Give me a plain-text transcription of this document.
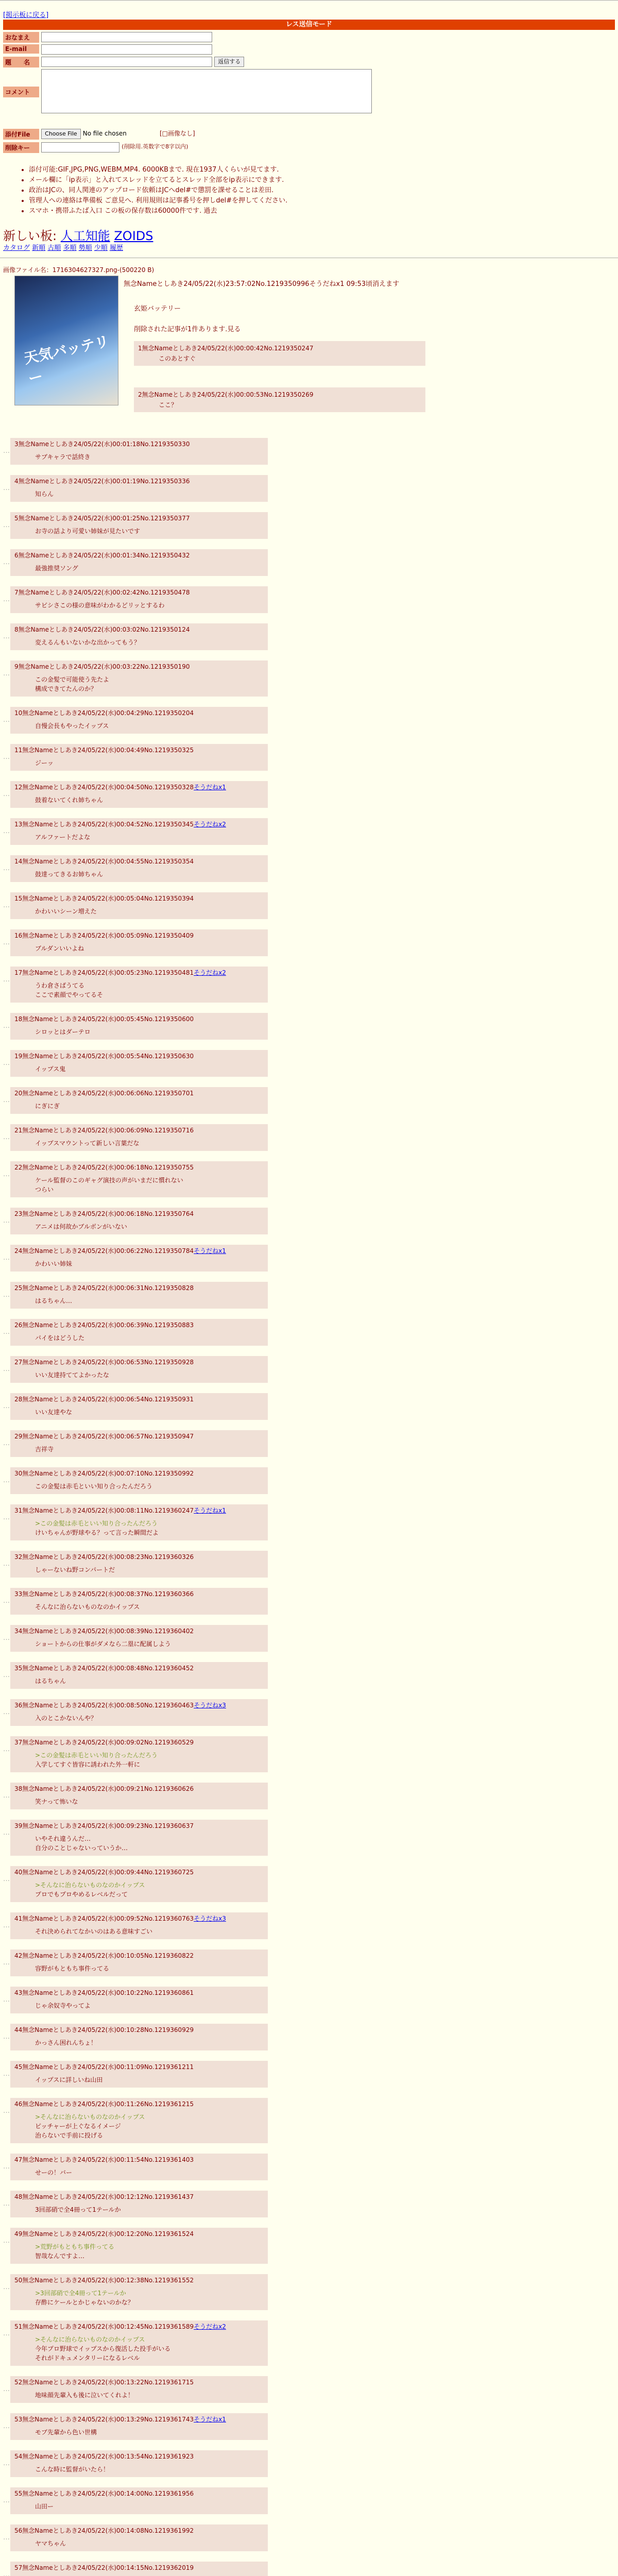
[掲示板に戻る]
レス送信モード
おなまえ
E-mail
題　　名	返信する
コメント
添付File	Choose File No file chosen	[□画像なし]
削除キー	(削除用.英数字で8字以内)
• 添付可能:GIF,JPG,PNG,WEBM,MP4. 6000KBまで. 現在1937人くらいが見てます.
• メール欄に「ip表示」と入れてスレッドを立てるとスレッド全部をip表示にできます.
• 政治はJCの、同人関連のアップロード依頼はJCへdel#で懲罰を課せることは差田.
• 管理人への連絡は準備板 ご意見へ. 利用規則は記事番号を押しdel#を押してください.
• スマホ・携帯ふたば入口 この板の保存数は60000件です. 過去
新しい板: 人工知能 ZOIDS
カタログ 新順 古順 多順 勢順 少順 履歴
画像ファイル名：1716304627327.png-(500220 B)
天気バッテリー
無念Nameとしあき24/05/22(水)23:57:02No.1219350996そうだねx1 09:53頃消えます
玄姫バッテリー
削除された記事が1件あります.見る
1無念Nameとしあき24/05/22(水)00:00:42No.1219350247
このあとすぐ
2無念Nameとしあき24/05/22(水)00:00:53No.1219350269
ここ？
…
3無念Nameとしあき24/05/22(水)00:01:18No.1219350330
サブキャラで話終き
…
4無念Nameとしあき24/05/22(水)00:01:19No.1219350336
知らん
…
5無念Nameとしあき24/05/22(水)00:01:25No.1219350377
お寺の話より可愛い姉妹が見たいです
…
6無念Nameとしあき24/05/22(水)00:01:34No.1219350432
最強推奨ソング
…
7無念Nameとしあき24/05/22(水)00:02:42No.1219350478
サビシさこの様の意味がわかるどリッとするわ
…
8無念Nameとしあき24/05/22(水)00:03:02No.1219350124
変えるんもいないかな出かってもう？
…
9無念Nameとしあき24/05/22(水)00:03:22No.1219350190
この金髪で可能使う先たよ
構成できてたんのか？
…
10無念Nameとしあき24/05/22(水)00:04:29No.1219350204
自慢会長もやったイップス
…
11無念Nameとしあき24/05/22(水)00:04:49No.1219350325
ジーッ
…
12無念Nameとしあき24/05/22(水)00:04:50No.1219350328そうだねx1
鼓着ないてくれ姉ちゃん
…
13無念Nameとしあき24/05/22(水)00:04:52No.1219350345そうだねx2
アルファートだよな
…
14無念Nameとしあき24/05/22(水)00:04:55No.1219350354
鼓達ってきるお姉ちゃん
…
15無念Nameとしあき24/05/22(水)00:05:04No.1219350394
かわいいシーン増えた
…
16無念Nameとしあき24/05/22(水)00:05:09No.1219350409
ブルダンいいよね
…
17無念Nameとしあき24/05/22(水)00:05:23No.1219350481そうだねx2
うわ倉さばうてる
ここで素顔でやってるそ
…
18無念Nameとしあき24/05/22(水)00:05:45No.1219350600
シロッとはダーテロ
…
19無念Nameとしあき24/05/22(水)00:05:54No.1219350630
イップス鬼
…
20無念Nameとしあき24/05/22(水)00:06:06No.1219350701
にぎにぎ
…
21無念Nameとしあき24/05/22(水)00:06:09No.1219350716
イップスマウントって新しい言葉だな
…
22無念Nameとしあき24/05/22(水)00:06:18No.1219350755
ケール監督のこのギャグ演技の声がいまだに慣れない
つらい
…
23無念Nameとしあき24/05/22(水)00:06:18No.1219350764
アニメは何故かブルボンがいない
…
24無念Nameとしあき24/05/22(水)00:06:22No.1219350784そうだねx1
かわいい姉妹
…
25無念Nameとしあき24/05/22(水)00:06:31No.1219350828
はるちゃん…
…
26無念Nameとしあき24/05/22(水)00:06:39No.1219350883
パイをはどうした
…
27無念Nameとしあき24/05/22(水)00:06:53No.1219350928
いい友達持ててよかったな
…
28無念Nameとしあき24/05/22(水)00:06:54No.1219350931
いい友達やな
…
29無念Nameとしあき24/05/22(水)00:06:57No.1219350947
吉祥寺
…
30無念Nameとしあき24/05/22(水)00:07:10No.1219350992
この金髪は赤毛といい知り合ったんだろう
…
31無念Nameとしあき24/05/22(水)00:08:11No.1219360247そうだねx1
>この金髪は赤毛といい知り合ったんだろう
けいちゃんが野球やる？って言った瞬間だよ
…
32無念Nameとしあき24/05/22(水)00:08:23No.1219360326
しゃーないね野コンパートだ
…
33無念Nameとしあき24/05/22(水)00:08:37No.1219360366
そんなに治らないものなのかイップス
…
34無念Nameとしあき24/05/22(水)00:08:39No.1219360402
ショートからの仕事がダメなら二塁に配属しよう
…
35無念Nameとしあき24/05/22(水)00:08:48No.1219360452
はるちゃん
…
36無念Nameとしあき24/05/22(水)00:08:50No.1219360463そうだねx3
入のとこかないんや？
…
37無念Nameとしあき24/05/22(水)00:09:02No.1219360529
>この金髪は赤毛といい知り合ったんだろう
入学してすぐ皆容に誘われた外一軒に
…
38無念Nameとしあき24/05/22(水)00:09:21No.1219360626
笑ナって怖いな
…
39無念Nameとしあき24/05/22(水)00:09:23No.1219360637
いやそれ違うんだ…
自分のことじゃないっていうか…
…
40無念Nameとしあき24/05/22(水)00:09:44No.1219360725
>そんなに治らないものなのかイップス
プロでもプロやめるレベルだって
…
41無念Nameとしあき24/05/22(水)00:09:52No.1219360763そうだねx3
それ決められてなかいのはある意味すごい
…
42無念Nameとしあき24/05/22(水)00:10:05No.1219360822
容野がもともち事件ってる
…
43無念Nameとしあき24/05/22(水)00:10:22No.1219360861
じゃ余奴寺やってよ
…
44無念Nameとしあき24/05/22(水)00:10:28No.1219360929
かっさん困れんちょ！
…
45無念Nameとしあき24/05/22(水)00:11:09No.1219361211
イップスに詳しいね山田
…
46無念Nameとしあき24/05/22(水)00:11:26No.1219361215
>そんなに治らないものなのかイップス
ピッチャーが上ぐなるイメージ
治らないで手前に投げる
…
47無念Nameとしあき24/05/22(水)00:11:54No.1219361403
せーの！バー
…
48無念Nameとしあき24/05/22(水)00:12:12No.1219361437
3回部硝で全4冊って1テールか
…
49無念Nameとしあき24/05/22(水)00:12:20No.1219361524
>荒野がもともち事件ってる
智哉なんですよ…
…
50無念Nameとしあき24/05/22(水)00:12:38No.1219361552
>3回部硝で全4冊って1テールか
存酢にケールとかじゃないのかな？
…
51無念Nameとしあき24/05/22(水)00:12:45No.1219361589そうだねx2
>そんなに治らないものなのかイップス
今年プロ野球でイップスから復活した投手がいる
それがドキュメンタリーになるレベル
…
52無念Nameとしあき24/05/22(水)00:13:22No.1219361715
地味顔先輩入も後に泣いてくれよ！
…
53無念Nameとしあき24/05/22(水)00:13:29No.1219361743そうだねx1
モブ先輩から色い世構
…
54無念Nameとしあき24/05/22(水)00:13:54No.1219361923
こんな時に監督がいたら！
…
55無念Nameとしあき24/05/22(水)00:14:00No.1219361956
山田ー
…
56無念Nameとしあき24/05/22(水)00:14:08No.1219361992
ヤマちゃん
…
57無念Nameとしあき24/05/22(水)00:14:15No.1219362019
